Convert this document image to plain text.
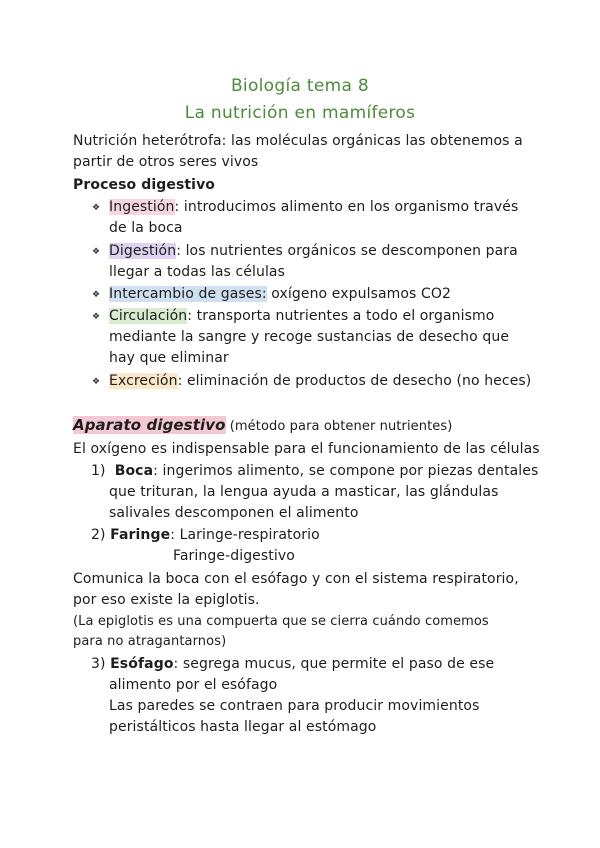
Biología tema 8
La nutrición en mamíferos
Nutrición heterótrofa: las moléculas orgánicas las obtenemos a
partir de otros seres vivos
Proceso digestivo
❖ Ingestión: introducimos alimento en los organismo través
de la boca
❖ Digestión: los nutrientes orgánicos se descomponen para
llegar a todas las células
❖ Intercambio de gases: oxígeno expulsamos CO2
❖ Circulación: transporta nutrientes a todo el organismo
mediante la sangre y recoge sustancias de desecho que
hay que eliminar
❖ Excreción: eliminación de productos de desecho (no heces)
Aparato digestivo (método para obtener nutrientes)
El oxígeno es indispensable para el funcionamiento de las células
1) Boca: ingerimos alimento, se compone por piezas dentales
que trituran, la lengua ayuda a masticar, las glándulas
salivales descomponen el alimento
2) Faringe: Laringe-respiratorio
Faringe-digestivo
Comunica la boca con el esófago y con el sistema respiratorio,
por eso existe la epiglotis.
(La epiglotis es una compuerta que se cierra cuándo comemos
para no atragantarnos)
3) Esófago: segrega mucus, que permite el paso de ese
alimento por el esófago
Las paredes se contraen para producir movimientos
peristálticos hasta llegar al estómago
